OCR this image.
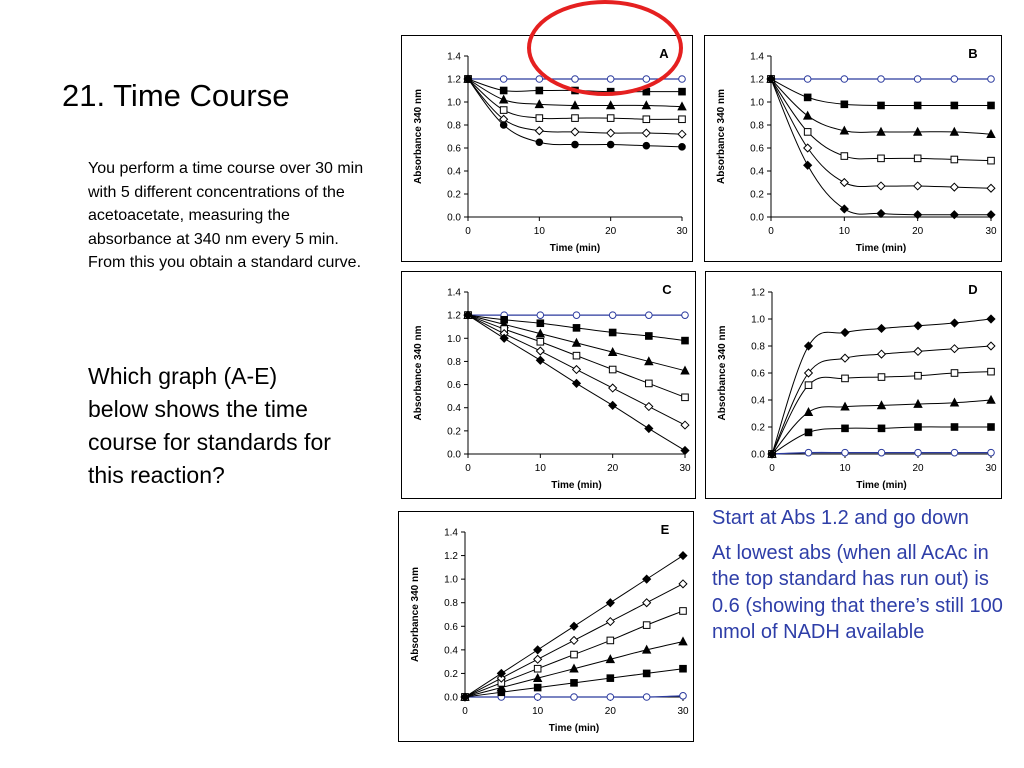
21. Time Course
You perform a time course over 30 min with 5 different concentrations of the acetoacetate, measuring the absorbance at 340 nm every 5 min. From this you obtain a standard curve.
Which graph (A-E) below shows the time course for standards for this reaction?
0.0
0.2
0.4
0.6
0.8
1.0
1.2
1.4
0	10	20	30
Time (min)
Absorbance 340 nm
A
0.0
0.2
0.4
0.6
0.8
1.0
1.2
1.4
0	10	20	30
Time (min)
Absorbance 340 nm
B
0.0
0.2
0.4
0.6
0.8
1.0
1.2
1.4
0	10	20	30
Time (min)
Absorbance 340 nm
C
0.0
0.2
0.4
0.6
0.8
1.0
1.2
0	10	20	30
Time (min)
Absorbance 340 nm
D
0.0
0.2
0.4
0.6
0.8
1.0
1.2
1.4
0	10	20	30
Time (min)
Absorbance 340 nm
E

Start at Abs 1.2 and go down

At lowest abs (when all AcAc in the top standard has run out) is 0.6 (showing that there’s still 100 nmol of NADH available
